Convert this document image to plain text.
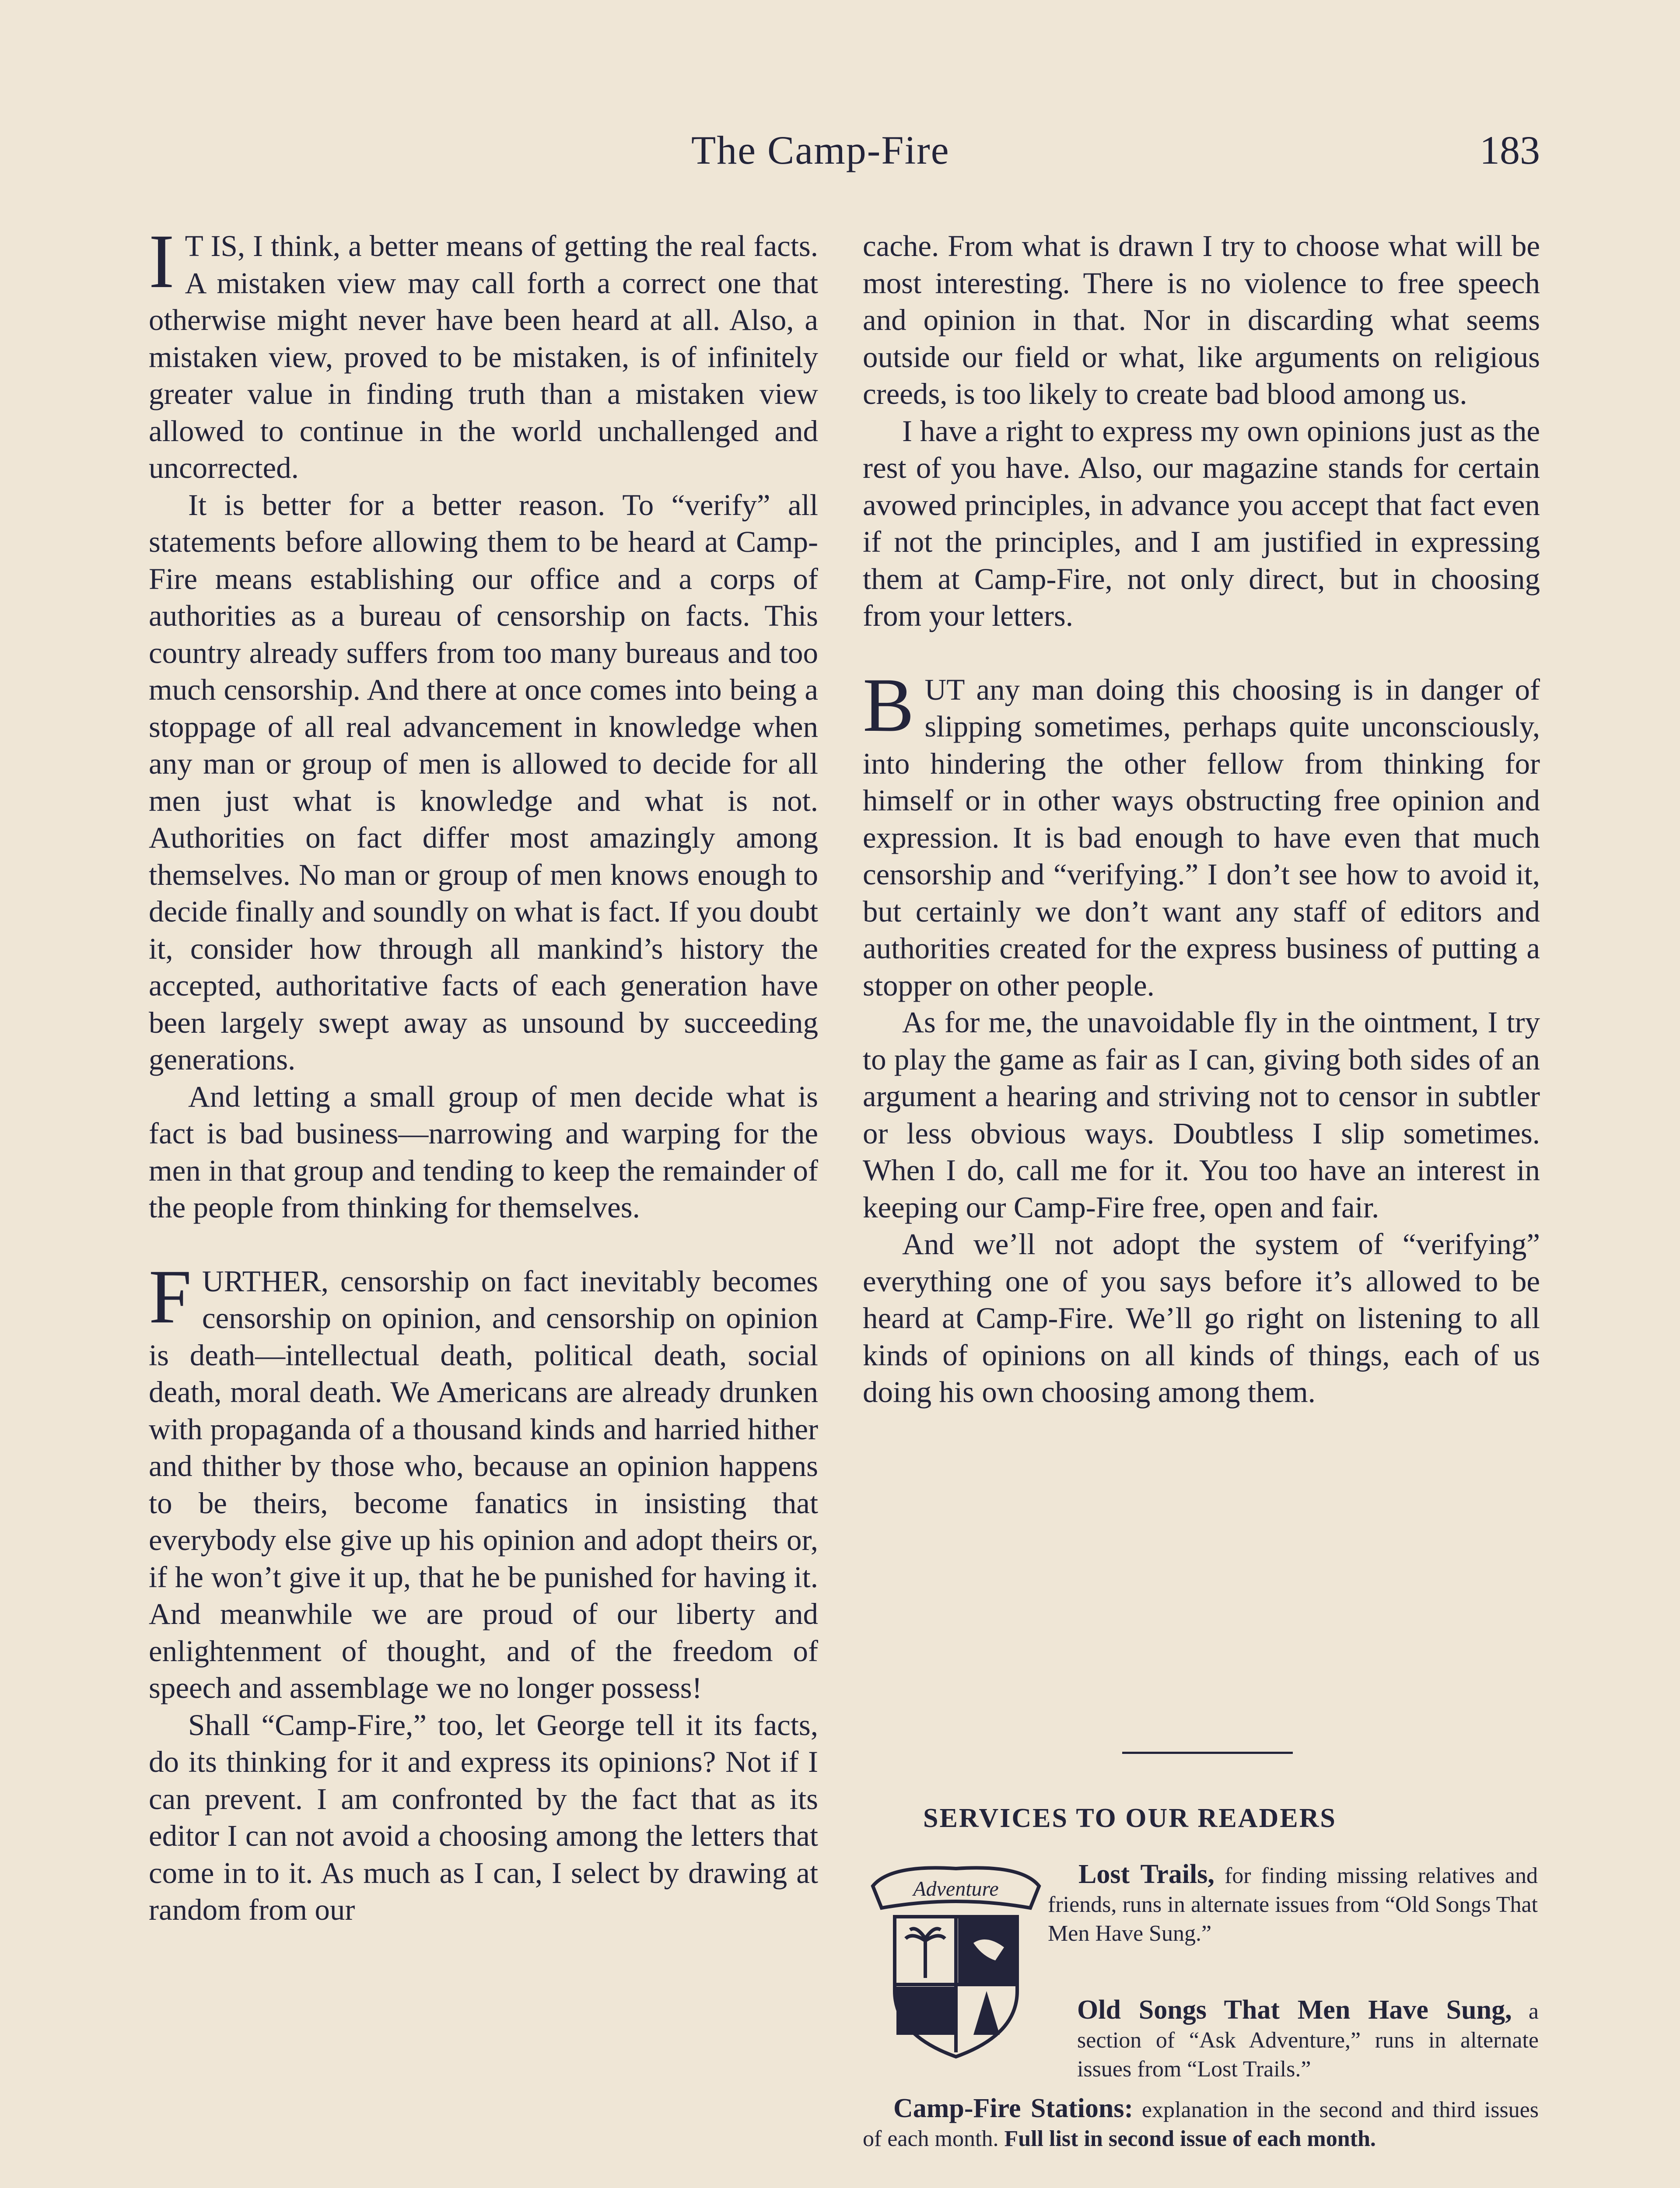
The Camp-Fire	183

I T IS, I think, a better means of getting the real facts. A mistaken view may call forth a correct one that otherwise might never have been heard at all. Also, a mistaken view, proved to be mistaken, is of infinitely greater value in finding truth than a mistaken view allowed to continue in the world unchallenged and uncorrected.

It is better for a better reason. To “verify” all statements before allowing them to be heard at Camp-Fire means establishing our office and a corps of authorities as a bureau of censorship on facts. This country already suffers from too many bureaus and too much censorship. And there at once comes into being a stoppage of all real advancement in knowledge when any man or group of men is allowed to decide for all men just what is knowledge and what is not. Authorities on fact differ most amazingly among themselves. No man or group of men knows enough to decide finally and soundly on what is fact. If you doubt it, consider how through all mankind’s history the accepted, authoritative facts of each generation have been largely swept away as unsound by succeeding generations.

And letting a small group of men decide what is fact is bad business—narrowing and warping for the men in that group and tending to keep the remainder of the people from thinking for themselves.

FURTHER, censorship on fact inevitably becomes censorship on opinion, and censorship on opinion is death—intellectual death, political death, social death, moral death. We Americans are already drunken with propaganda of a thousand kinds and harried hither and thither by those who, because an opinion happens to be theirs, become fanatics in insisting that everybody else give up his opinion and adopt theirs or, if he won’t give it up, that he be punished for having it. And meanwhile we are proud of our liberty and enlightenment of thought, and of the freedom of speech and assemblage we no longer possess!

Shall “Camp-Fire,” too, let George tell it its facts, do its thinking for it and express its opinions? Not if I can prevent. I am confronted by the fact that as its editor I can not avoid a choosing among the letters that come in to it. As much as I can, I select by drawing at random from our

cache. From what is drawn I try to choose what will be most interesting. There is no violence to free speech and opinion in that. Nor in discarding what seems outside our field or what, like arguments on religious creeds, is too likely to create bad blood among us.

I have a right to express my own opinions just as the rest of you have. Also, our magazine stands for certain avowed principles, in advance you accept that fact even if not the principles, and I am justified in expressing them at Camp-Fire, not only direct, but in choosing from your letters.

BUT any man doing this choosing is in danger of slipping sometimes, perhaps quite unconsciously, into hindering the other fellow from thinking for himself or in other ways obstructing free opinion and expression. It is bad enough to have even that much censorship and “verifying.” I don’t see how to avoid it, but certainly we don’t want any staff of editors and authorities created for the express business of putting a stopper on other people.

As for me, the unavoidable fly in the ointment, I try to play the game as fair as I can, giving both sides of an argument a hearing and striving not to censor in subtler or less obvious ways. Doubtless I slip sometimes. When I do, call me for it. You too have an interest in keeping our Camp-Fire free, open and fair.

And we’ll not adopt the system of “verifying” everything one of you says before it’s allowed to be heard at Camp-Fire. We’ll go right on listening to all kinds of opinions on all kinds of things, each of us doing his own choosing among them.

SERVICES TO OUR READERS
Adventure	Lost Trails, for finding missing relatives and friends, runs in alternate issues from “Old Songs That Men Have Sung.”
Old Songs That Men Have Sung, a section of “Ask Adventure,” runs in alternate issues from “Lost Trails.”
Camp-Fire Stations: explanation in the second and third issues of each month. Full list in second issue of each month.
